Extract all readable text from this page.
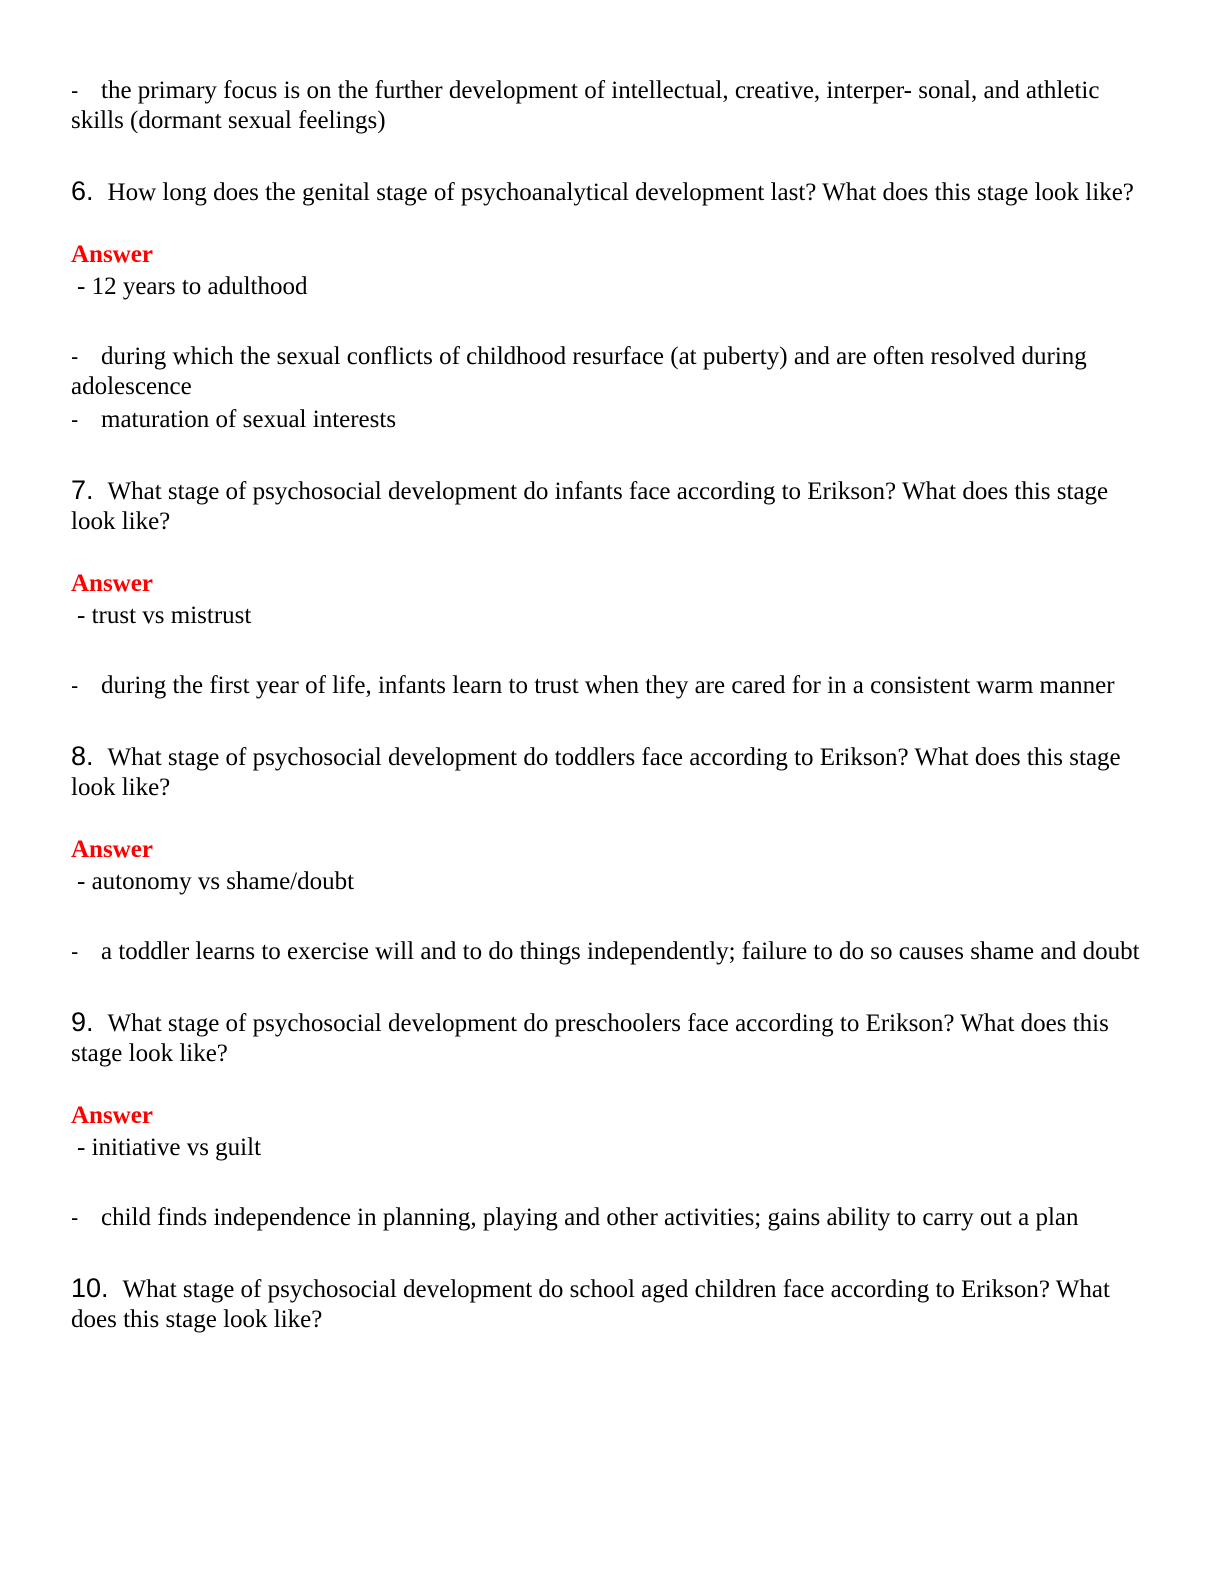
- the primary focus is on the further development of intellectual, creative, interper- sonal, and athletic skills (dormant sexual feelings)

6. How long does the genital stage of psychoanalytical development last? What does this stage look like?

Answer

- 12 years to adulthood

- during which the sexual conflicts of childhood resurface (at puberty) and are often resolved during adolescence

- maturation of sexual interests

7. What stage of psychosocial development do infants face according to Erikson? What does this stage look like?

Answer

- trust vs mistrust

- during the first year of life, infants learn to trust when they are cared for in a consistent warm manner

8. What stage of psychosocial development do toddlers face according to Erikson? What does this stage look like?

Answer

- autonomy vs shame/doubt

- a toddler learns to exercise will and to do things independently; failure to do so causes shame and doubt

9. What stage of psychosocial development do preschoolers face according to Erikson? What does this stage look like?

Answer

- initiative vs guilt

- child finds independence in planning, playing and other activities; gains ability to carry out a plan

10. What stage of psychosocial development do school aged children face according to Erikson? What does this stage look like?
